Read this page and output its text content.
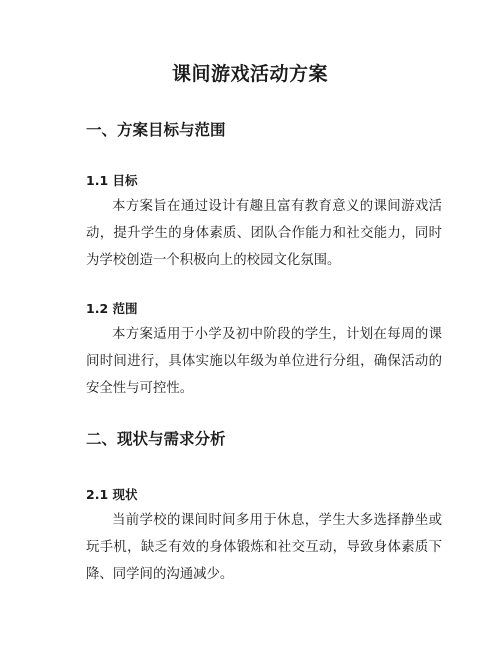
课间游戏活动方案
一、方案目标与范围
1.1 目标

本方案旨在通过设计有趣且富有教育意义的课间游戏活动，提升学生的身体素质、团队合作能力和社交能力，同时为学校创造一个积极向上的校园文化氛围。

1.2 范围

本方案适用于小学及初中阶段的学生，计划在每周的课间时间进行，具体实施以年级为单位进行分组，确保活动的安全性与可控性。

二、现状与需求分析
2.1 现状

当前学校的课间时间多用于休息，学生大多选择静坐或玩手机，缺乏有效的身体锻炼和社交互动，导致身体素质下降、同学间的沟通减少。
